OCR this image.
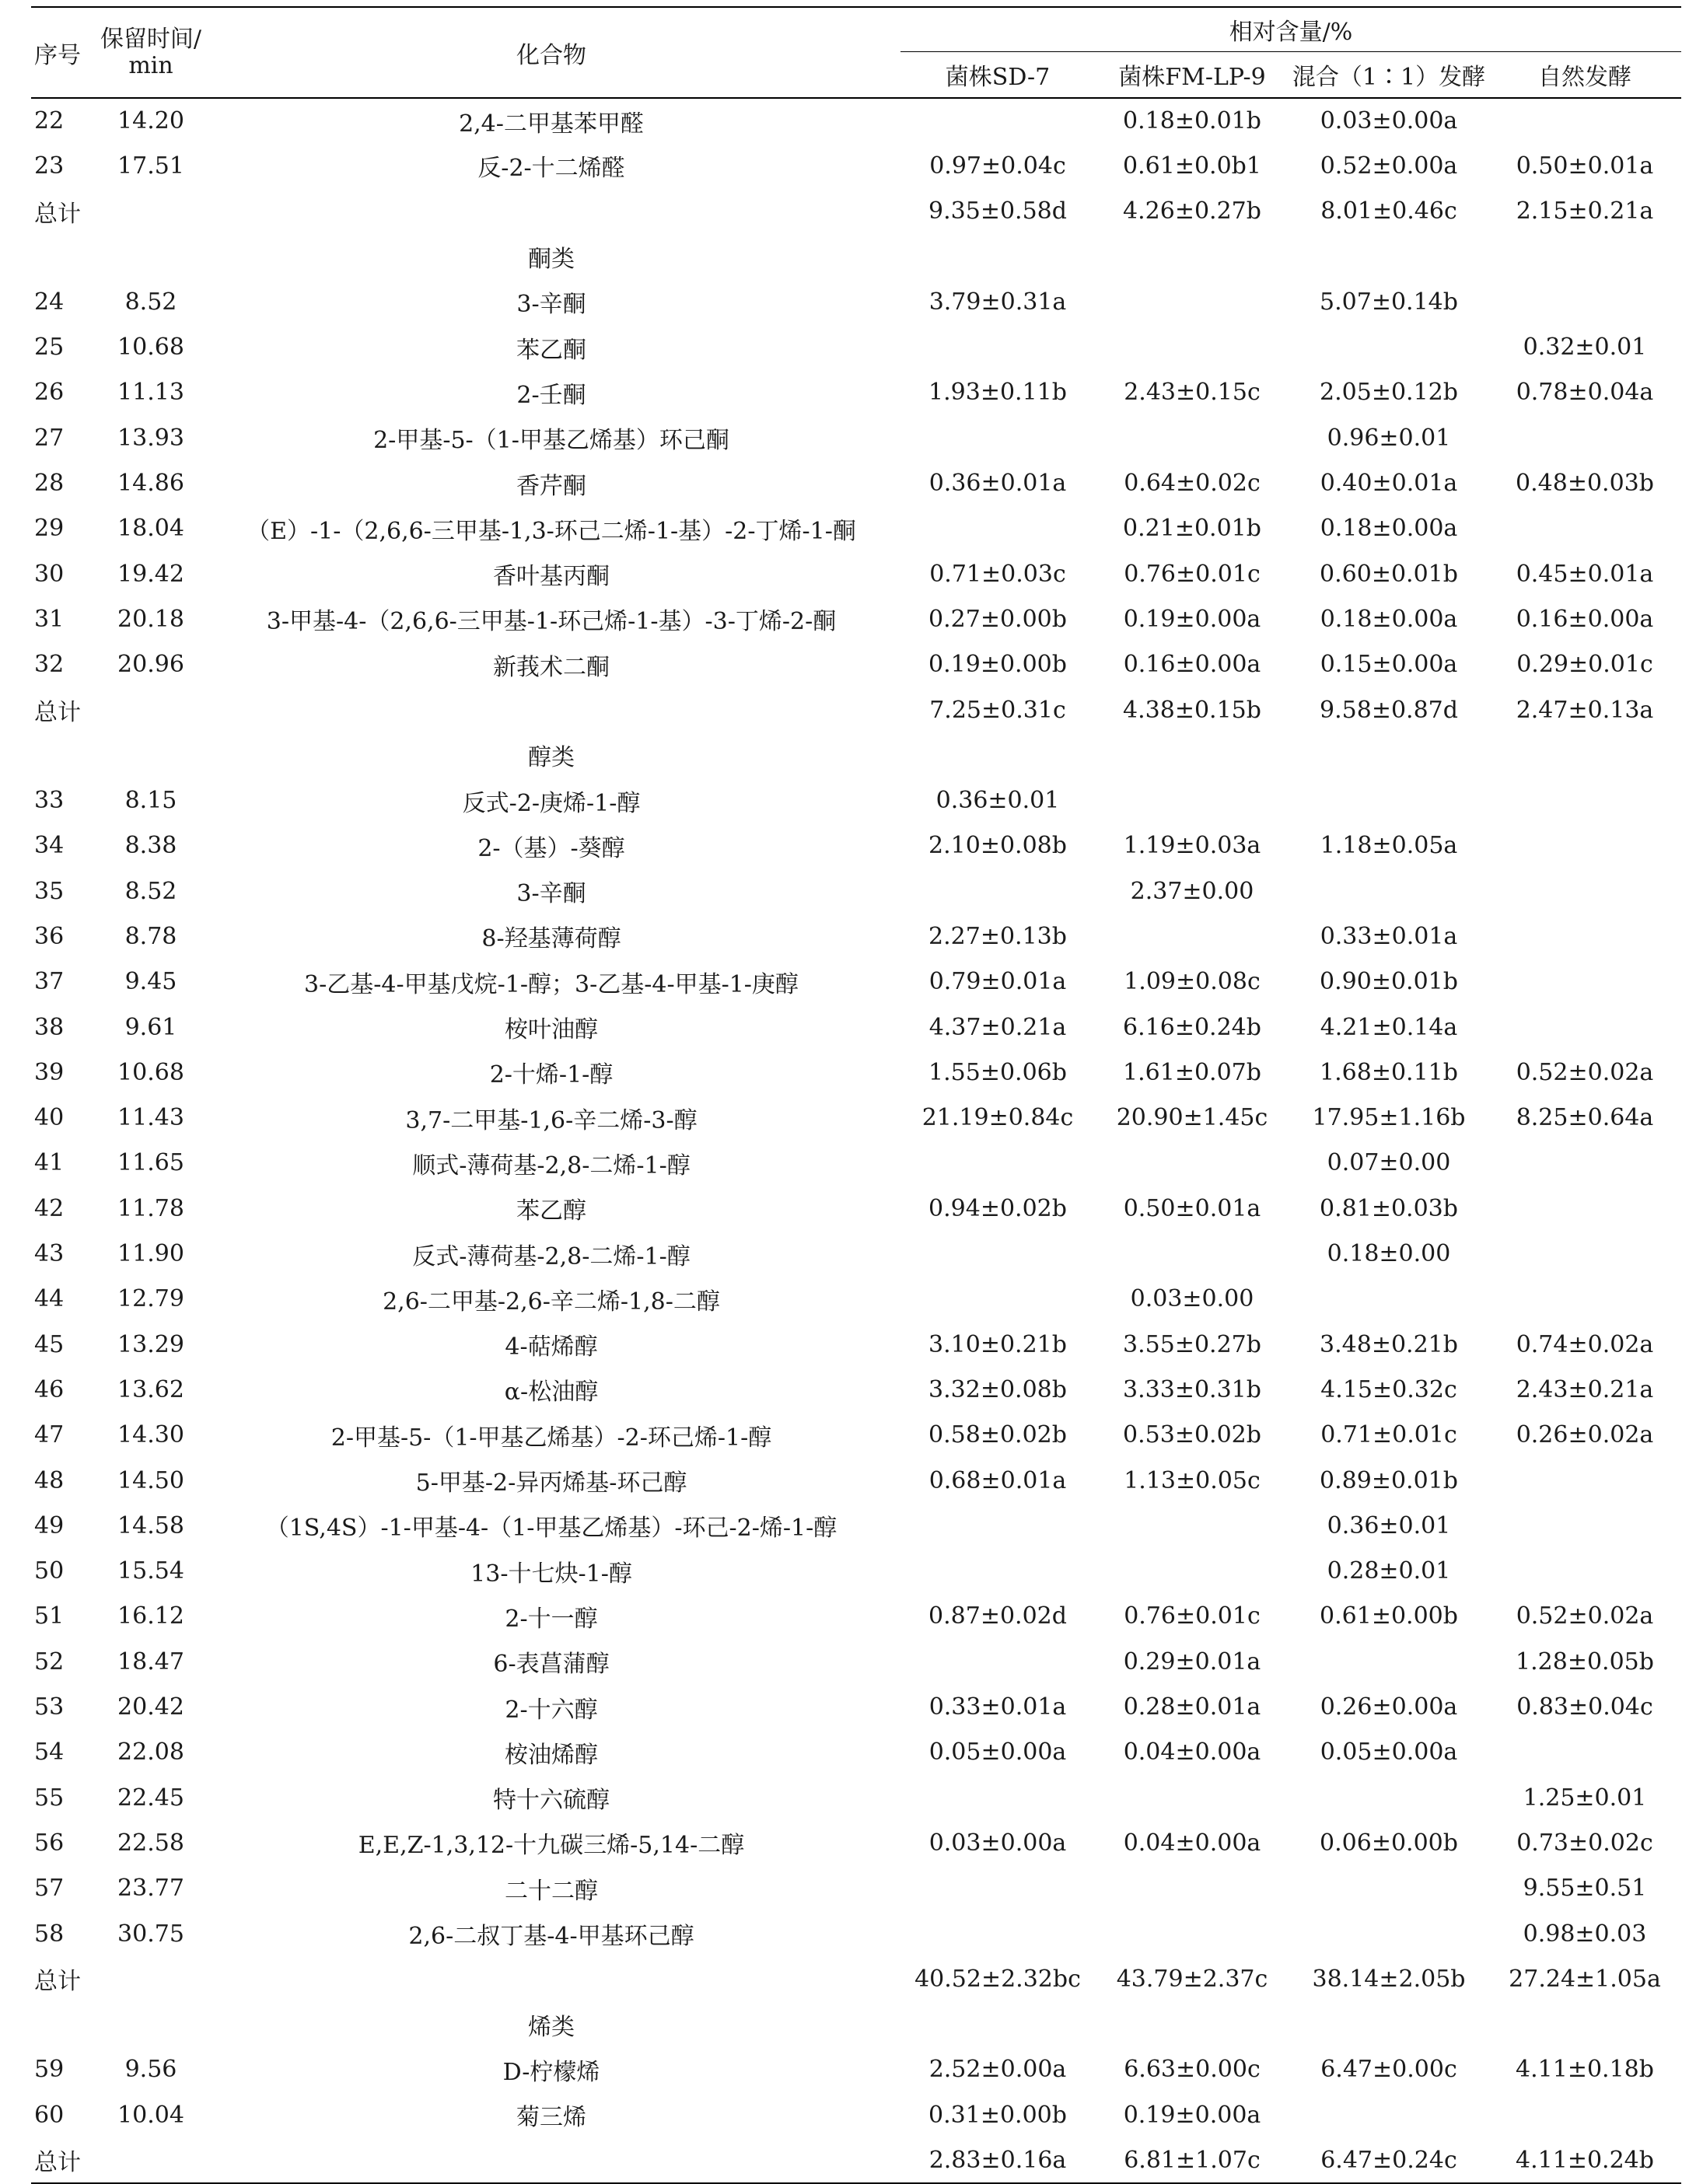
序号	保留时间/
min	化合物	相对含量/%			
			菌株SD-7	菌株FM-LP-9	混合（1∶1）发酵	自然发酵
22	14.20	2,4-二甲基苯甲醛		0.18±0.01b	0.03±0.00a	
23	17.51	反-2-十二烯醛	0.97±0.04c	0.61±0.0b1	0.52±0.00a	0.50±0.01a
总计			9.35±0.58d	4.26±0.27b	8.01±0.46c	2.15±0.21a
		酮类				
24	8.52	3-辛酮	3.79±0.31a		5.07±0.14b	
25	10.68	苯乙酮				0.32±0.01
26	11.13	2-壬酮	1.93±0.11b	2.43±0.15c	2.05±0.12b	0.78±0.04a
27	13.93	2-甲基-5-（1-甲基乙烯基）环己酮			0.96±0.01	
28	14.86	香芹酮	0.36±0.01a	0.64±0.02c	0.40±0.01a	0.48±0.03b
29	18.04	（E）-1-（2,6,6-三甲基-1,3-环己二烯-1-基）-2-丁烯-1-酮		0.21±0.01b	0.18±0.00a	
30	19.42	香叶基丙酮	0.71±0.03c	0.76±0.01c	0.60±0.01b	0.45±0.01a
31	20.18	3-甲基-4-（2,6,6-三甲基-1-环己烯-1-基）-3-丁烯-2-酮	0.27±0.00b	0.19±0.00a	0.18±0.00a	0.16±0.00a
32	20.96	新莪术二酮	0.19±0.00b	0.16±0.00a	0.15±0.00a	0.29±0.01c
总计			7.25±0.31c	4.38±0.15b	9.58±0.87d	2.47±0.13a
		醇类				
33	8.15	反式-2-庚烯-1-醇	0.36±0.01			
34	8.38	2-（基）-葵醇	2.10±0.08b	1.19±0.03a	1.18±0.05a	
35	8.52	3-辛酮		2.37±0.00		
36	8.78	8-羟基薄荷醇	2.27±0.13b		0.33±0.01a	
37	9.45	3-乙基-4-甲基戊烷-1-醇；3-乙基-4-甲基-1-庚醇	0.79±0.01a	1.09±0.08c	0.90±0.01b	
38	9.61	桉叶油醇	4.37±0.21a	6.16±0.24b	4.21±0.14a	
39	10.68	2-十烯-1-醇	1.55±0.06b	1.61±0.07b	1.68±0.11b	0.52±0.02a
40	11.43	3,7-二甲基-1,6-辛二烯-3-醇	21.19±0.84c	20.90±1.45c	17.95±1.16b	8.25±0.64a
41	11.65	顺式-薄荷基-2,8-二烯-1-醇			0.07±0.00	
42	11.78	苯乙醇	0.94±0.02b	0.50±0.01a	0.81±0.03b	
43	11.90	反式-薄荷基-2,8-二烯-1-醇			0.18±0.00	
44	12.79	2,6-二甲基-2,6-辛二烯-1,8-二醇		0.03±0.00		
45	13.29	4-萜烯醇	3.10±0.21b	3.55±0.27b	3.48±0.21b	0.74±0.02a
46	13.62	α-松油醇	3.32±0.08b	3.33±0.31b	4.15±0.32c	2.43±0.21a
47	14.30	2-甲基-5-（1-甲基乙烯基）-2-环己烯-1-醇	0.58±0.02b	0.53±0.02b	0.71±0.01c	0.26±0.02a
48	14.50	5-甲基-2-异丙烯基-环己醇	0.68±0.01a	1.13±0.05c	0.89±0.01b	
49	14.58	（1S,4S）-1-甲基-4-（1-甲基乙烯基）-环己-2-烯-1-醇			0.36±0.01	
50	15.54	13-十七炔-1-醇			0.28±0.01	
51	16.12	2-十一醇	0.87±0.02d	0.76±0.01c	0.61±0.00b	0.52±0.02a
52	18.47	6-表菖蒲醇		0.29±0.01a		1.28±0.05b
53	20.42	2-十六醇	0.33±0.01a	0.28±0.01a	0.26±0.00a	0.83±0.04c
54	22.08	桉油烯醇	0.05±0.00a	0.04±0.00a	0.05±0.00a	
55	22.45	特十六硫醇				1.25±0.01
56	22.58	E,E,Z-1,3,12-十九碳三烯-5,14-二醇	0.03±0.00a	0.04±0.00a	0.06±0.00b	0.73±0.02c
57	23.77	二十二醇				9.55±0.51
58	30.75	2,6-二叔丁基-4-甲基环己醇				0.98±0.03
总计			40.52±2.32bc	43.79±2.37c	38.14±2.05b	27.24±1.05a
		烯类				
59	9.56	D-柠檬烯	2.52±0.00a	6.63±0.00c	6.47±0.00c	4.11±0.18b
60	10.04	菊三烯	0.31±0.00b	0.19±0.00a		
总计			2.83±0.16a	6.81±1.07c	6.47±0.24c	4.11±0.24b
